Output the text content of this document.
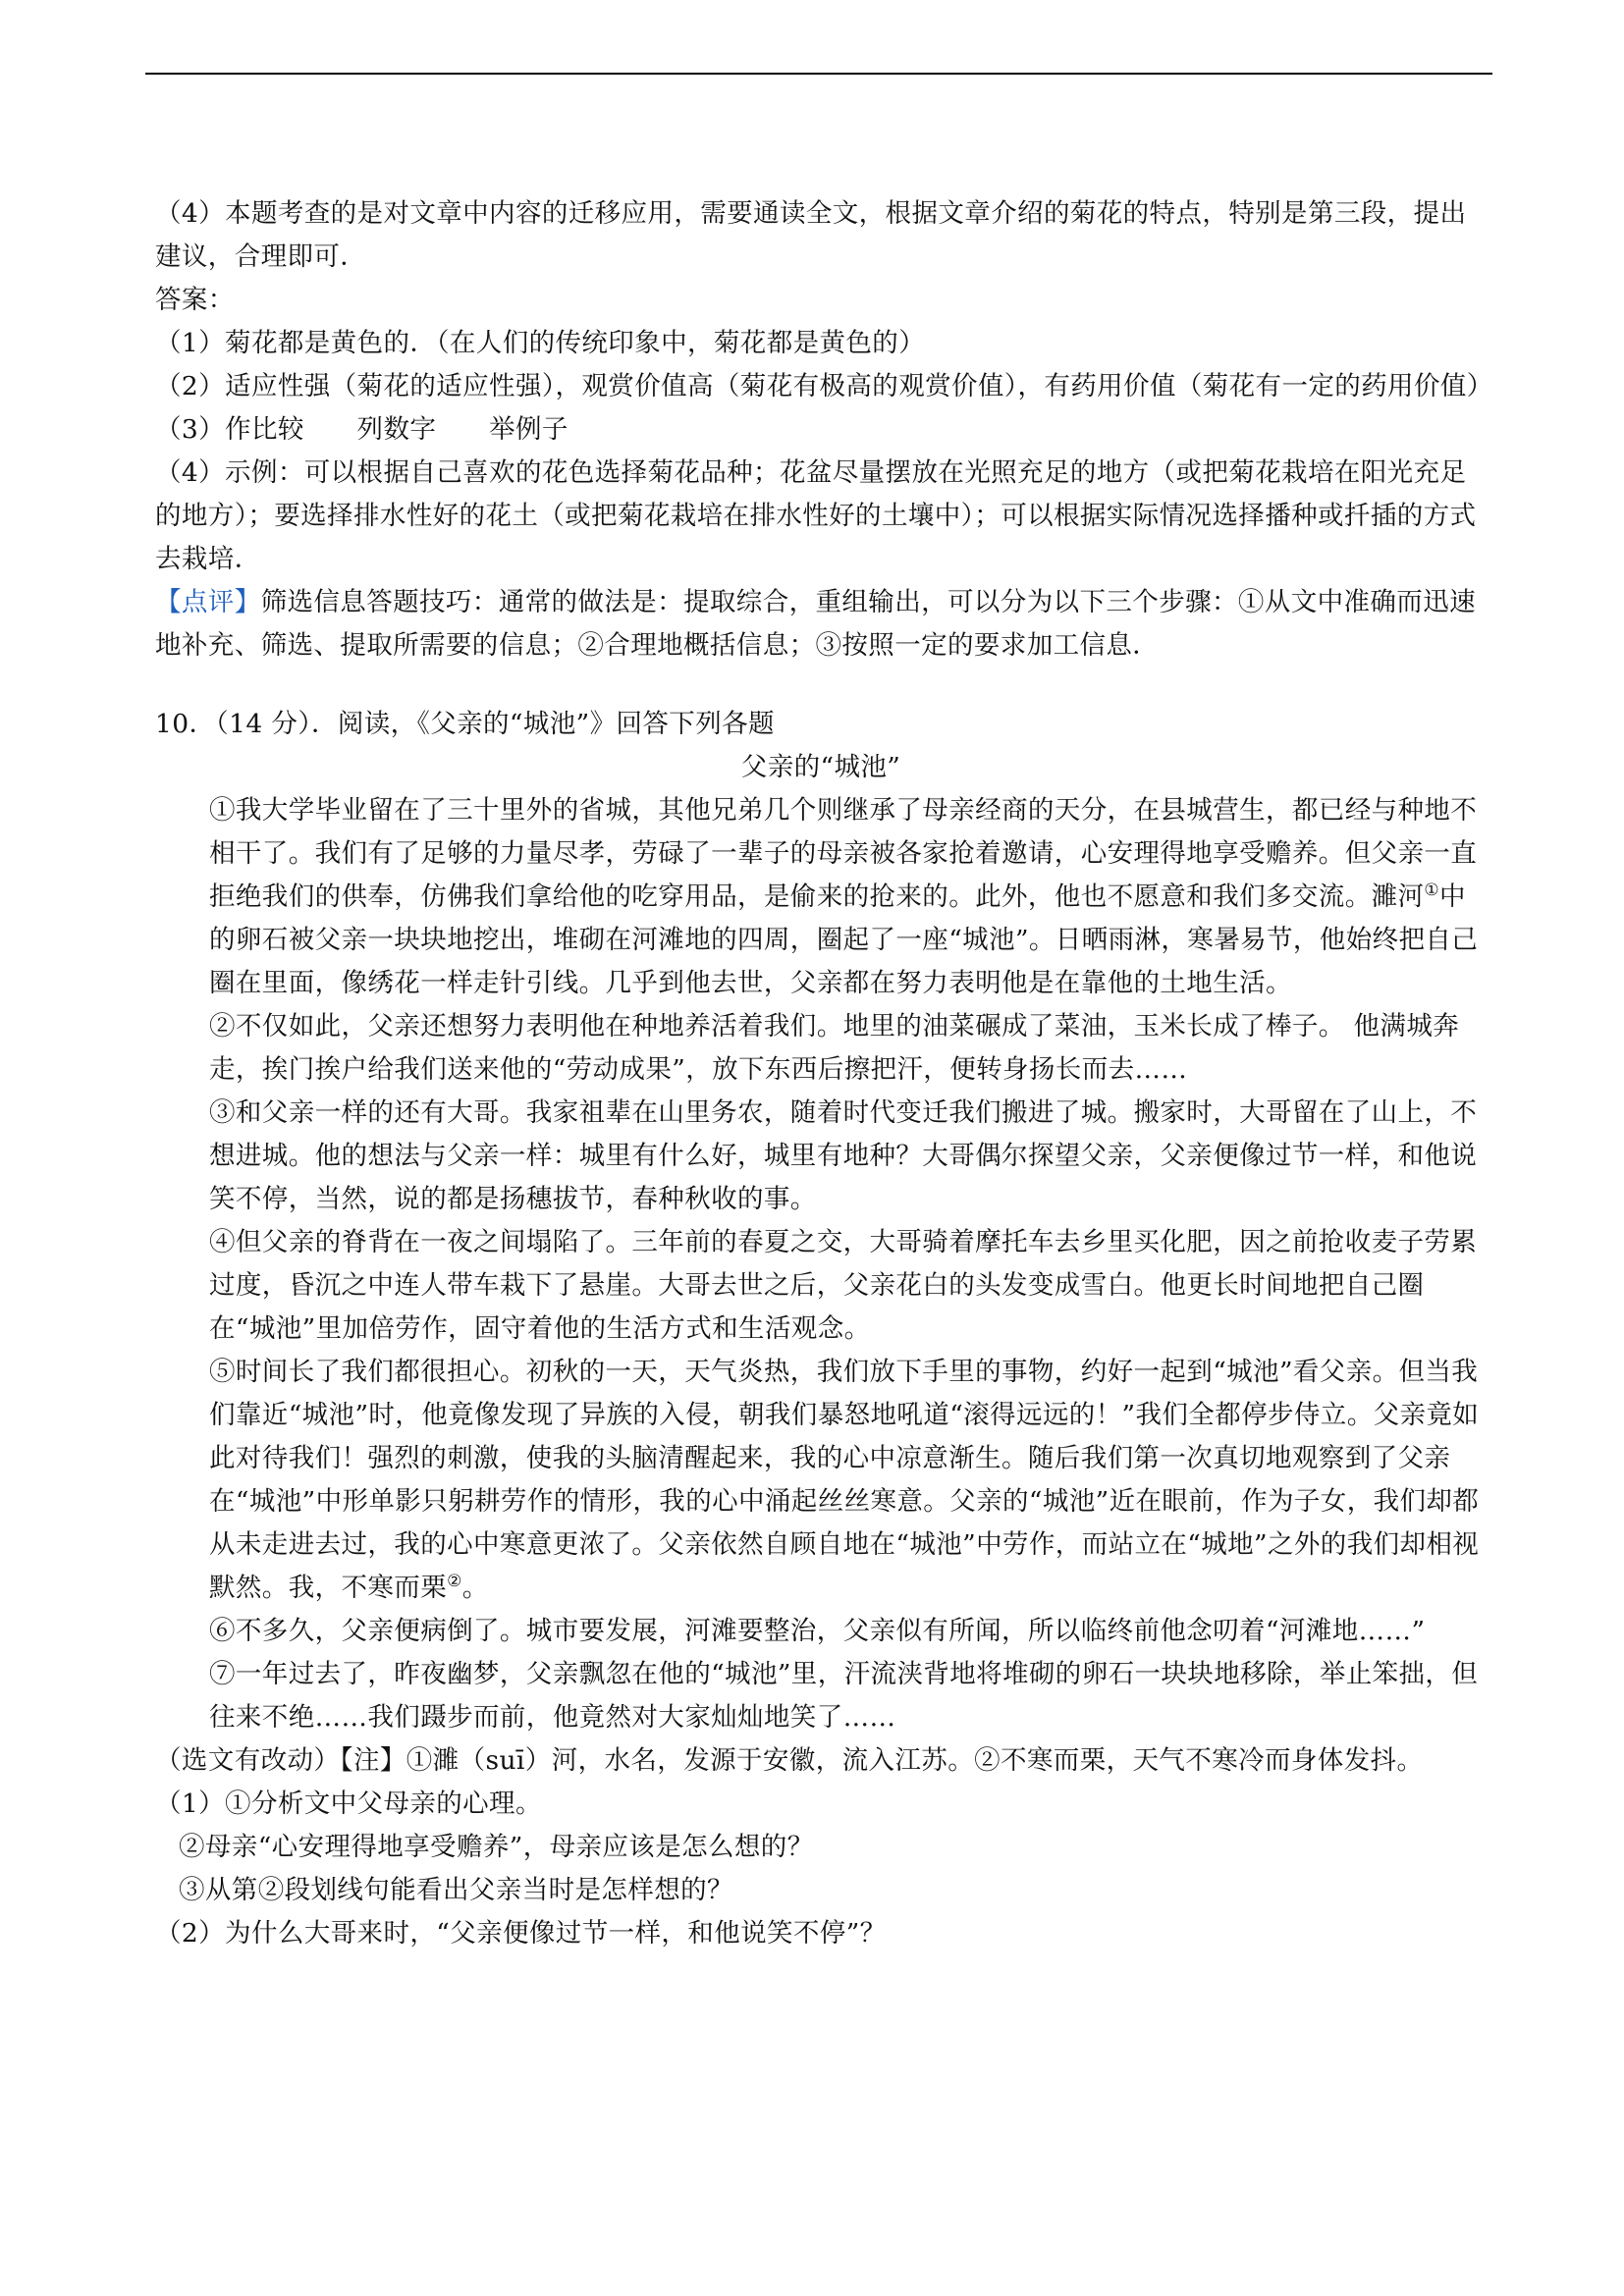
（4）本题考查的是对文章中内容的迁移应用，需要通读全文，根据文章介绍的菊花的特点，特别是第三段，提出建议，合理即可．

答案：

（1）菊花都是黄色的．（在人们的传统印象中，菊花都是黄色的）

（2）适应性强（菊花的适应性强），观赏价值高（菊花有极高的观赏价值），有药用价值（菊花有一定的药用价值）

（3）作比较　　列数字　　举例子

（4）示例：可以根据自己喜欢的花色选择菊花品种；花盆尽量摆放在光照充足的地方（或把菊花栽培在阳光充足的地方）；要选择排水性好的花土（或把菊花栽培在排水性好的土壤中）；可以根据实际情况选择播种或扦插的方式去栽培．

【点评】筛选信息答题技巧：通常的做法是：提取综合，重组输出，可以分为以下三个步骤：①从文中准确而迅速地补充、筛选、提取所需要的信息；②合理地概括信息；③按照一定的要求加工信息．

10．（14 分）．阅读，《父亲的“城池”》回答下列各题

父亲的“城池”

①我大学毕业留在了三十里外的省城，其他兄弟几个则继承了母亲经商的天分，在县城营生，都已经与种地不相干了。我们有了足够的力量尽孝，劳碌了一辈子的母亲被各家抢着邀请，心安理得地享受赡养。但父亲一直拒绝我们的供奉，仿佛我们拿给他的吃穿用品，是偷来的抢来的。此外，他也不愿意和我们多交流。濉河①中的卵石被父亲一块块地挖出，堆砌在河滩地的四周，圈起了一座“城池”。日晒雨淋，寒暑易节，他始终把自己圈在里面，像绣花一样走针引线。几乎到他去世，父亲都在努力表明他是在靠他的土地生活。

②不仅如此，父亲还想努力表明他在种地养活着我们。地里的油菜碾成了菜油，玉米长成了棒子。 他满城奔走，挨门挨户给我们送来他的“劳动成果”，放下东西后擦把汗，便转身扬长而去……

③和父亲一样的还有大哥。我家祖辈在山里务农，随着时代变迁我们搬进了城。搬家时，大哥留在了山上，不想进城。他的想法与父亲一样：城里有什么好，城里有地种？大哥偶尔探望父亲，父亲便像过节一样，和他说笑不停，当然，说的都是扬穗拔节，春种秋收的事。

④但父亲的脊背在一夜之间塌陷了。三年前的春夏之交，大哥骑着摩托车去乡里买化肥，因之前抢收麦子劳累过度，昏沉之中连人带车栽下了悬崖。大哥去世之后，父亲花白的头发变成雪白。他更长时间地把自己圈在“城池”里加倍劳作，固守着他的生活方式和生活观念。

⑤时间长了我们都很担心。初秋的一天，天气炎热，我们放下手里的事物，约好一起到“城池”看父亲。但当我们靠近“城池”时，他竟像发现了异族的入侵，朝我们暴怒地吼道“滚得远远的！”我们全都停步侍立。父亲竟如此对待我们！强烈的刺激，使我的头脑清醒起来，我的心中凉意渐生。随后我们第一次真切地观察到了父亲在“城池”中形单影只躬耕劳作的情形，我的心中涌起丝丝寒意。父亲的“城池”近在眼前，作为子女，我们却都从未走进去过，我的心中寒意更浓了。父亲依然自顾自地在“城池”中劳作，而站立在“城地”之外的我们却相视默然。我，不寒而栗②。

⑥不多久，父亲便病倒了。城市要发展，河滩要整治，父亲似有所闻，所以临终前他念叨着“河滩地……”

⑦一年过去了，昨夜幽梦，父亲飘忽在他的“城池”里，汗流浃背地将堆砌的卵石一块块地移除，举止笨拙，但往来不绝……我们蹑步而前，他竟然对大家灿灿地笑了……

（选文有改动）【注】①濉（suī）河，水名，发源于安徽，流入江苏。②不寒而栗，天气不寒冷而身体发抖。

（1）①分析文中父母亲的心理。

②母亲“心安理得地享受赡养”，母亲应该是怎么想的？

③从第②段划线句能看出父亲当时是怎样想的？

（2）为什么大哥来时，“父亲便像过节一样，和他说笑不停”？
